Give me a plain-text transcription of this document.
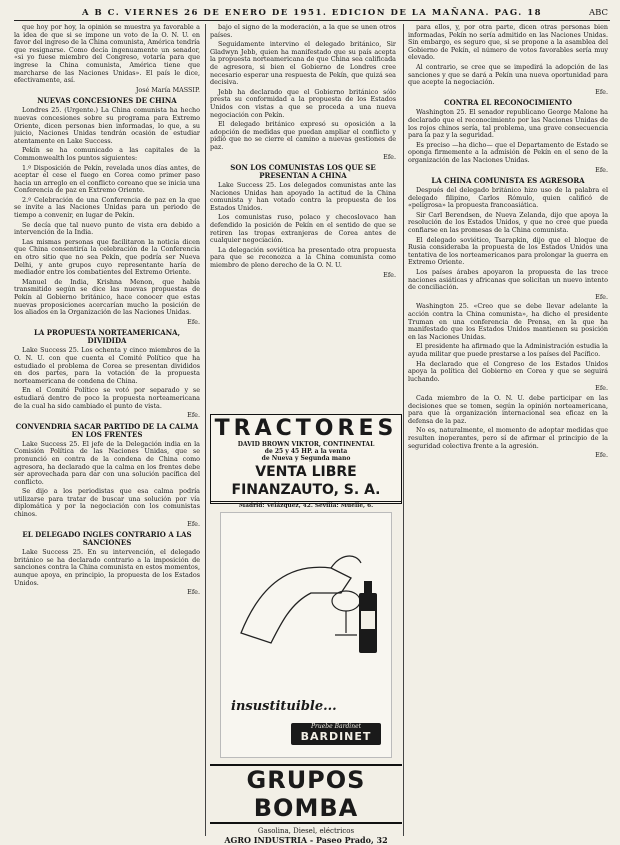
A B C. VIERNES 26 DE ENERO DE 1951. EDICION DE LA MAÑANA. PAG. 18	ABC

que hoy por hoy, la opinión se muestra ya favorable a la idea de que si se impone un voto de la O. N. U. en favor del ingreso de la China comunista, América tendría que resignarse. Como decía ingenuamente un senador, «si yo fuese miembro del Congreso, votaría para que ingrese la China comunista, América tiene que marcharse de las Naciones Unidas». El país le dice, efectivamente, así.

José María MASSIP.

NUEVAS CONCESIONES DE CHINA

Londres 25. (Urgente.) La China comunista ha hecho nuevas concesiones sobre su programa para Extremo Oriente, dicen personas bien informadas, lo que, a su juicio, Naciones Unidas tendrán ocasión de estudiar atentamente en Lake Success.

Pekín se ha comunicado a las capitales de la Commonwealth los puntos siguientes:

1.º Disposición de Pekín, revelada unos días antes, de aceptar el cese el fuego en Corea como primer paso hacia un arreglo en el conflicto coreano que se inicia una Conferencia de paz en Extremo Oriente.

2.º Celebración de una Conferencia de paz en la que se invite a las Naciones Unidas para un periodo de tiempo a convenir, en lugar de Pekín.

Se decía que tal nuevo punto de vista era debido a intervención de la India.

Las mismas personas que facilitaron la noticia dicen que China consentiría la celebración de la Conferencia en otro sitio que no sea Pekín, que podría ser Nueva Delhi, y ante grupos cuyo representante haría de mediador entre los combatientes del Extremo Oriente.

Manuel de India, Krishna Menon, que había transmitido según se dice las nuevas propuestas de Pekín al Gobierno británico, hace conocer que estas nuevas proposiciones acercarían mucho la posición de los aliados en la Organización de las Naciones Unidas.

Efe.

LA PROPUESTA NORTEAMERICANA, DIVIDIDA

Lake Success 25. Los ochenta y cinco miembros de la O. N. U. con que cuenta el Comité Político que ha estudiado el problema de Corea se presentan divididos en dos partes, para la votación de la propuesta norteamericana de condena de China.

En el Comité Político se votó por separado y se estudiará dentro de poco la propuesta norteamericana de la cual ha sido cambiado el punto de vista.

Efe.

CONVENDRIA SACAR PARTIDO DE LA CALMA EN LOS FRENTES

Lake Success 25. El jefe de la Delegación india en la Comisión Política de las Naciones Unidas, que se pronunció en contra de la condena de China como agresora, ha declarado que la calma en los frentes debe ser aprovechada para dar con una solución pacífica del conflicto.

Se dijo a los periodistas que esa calma podría utilizarse para tratar de buscar una solución por vía diplomática y por la negociación con los comunistas chinos.

Efe.

EL DELEGADO INGLES CONTRARIO A LAS SANCIONES

Lake Success 25. En su intervención, el delegado británico se ha declarado contrario a la imposición de sanciones contra la China comunista en estos momentos, aunque apoya, en principio, la propuesta de los Estados Unidos.

Efe.

bajo el signo de la moderación, a la que se unen otros países.

Seguidamente intervino el delegado británico, Sir Gladwyn Jebb, quien ha manifestado que su país acepta la propuesta norteamericana de que China sea calificada de agresora, si bien el Gobierno de Londres cree necesario esperar una respuesta de Pekín, que quizá sea decisiva.

Jebb ha declarado que el Gobierno británico sólo presta su conformidad a la propuesta de los Estados Unidos con vistas a que se proceda a una nueva negociación con Pekín.

El delegado británico expresó su oposición a la adopción de medidas que puedan ampliar el conflicto y pidió que no se cierre el camino a nuevas gestiones de paz.

Efe.

SON LOS COMUNISTAS LOS QUE SE PRESENTAN A CHINA

Lake Success 25. Los delegados comunistas ante las Naciones Unidas han apoyado la actitud de la China comunista y han votado contra la propuesta de los Estados Unidos.

Los comunistas ruso, polaco y checoslovaco han defendido la posición de Pekín en el sentido de que se retiren las tropas extranjeras de Corea antes de cualquier negociación.

La delegación soviética ha presentado otra propuesta para que se reconozca a la China comunista como miembro de pleno derecho de la O. N. U.

Efe.

TRACTORES
DAVID BROWN VIKTOR, CONTINENTAL
de 25 y 45 HP. a la venta
de Nueva y Segunda mano
VENTA LIBRE
FINANZAUTO, S. A.
Madrid: Velázquez, 42. Sevilla: Muelle, 6.
insustituible...
Pruebe Bardinet
BARDINET
GRUPOS BOMBA
Gasolina, Diesel, eléctricos
AGRO INDUSTRIA - Paseo Prado, 32

para ellos, y, por otra parte, dicen otras personas bien informadas, Pekín no sería admitido en las Naciones Unidas. Sin embargo, es seguro que, si se propone a la asamblea del Gobierno de Pekín, el número de votos favorables sería muy elevado.

Al contrario, se cree que se impedirá la adopción de las sanciones y que se dará a Pekín una nueva oportunidad para que acepte la negociación.

Efe.

CONTRA EL RECONOCIMIENTO

Washington 25. El senador republicano George Malone ha declarado que el reconocimiento por las Naciones Unidas de los rojos chinos sería, tal problema, una grave consecuencia para la paz y la seguridad.

Es preciso —ha dicho— que el Departamento de Estado se oponga firmemente a la admisión de Pekín en el seno de la organización de las Naciones Unidas.

Efe.

LA CHINA COMUNISTA ES AGRESORA

Después del delegado británico hizo uso de la palabra el delegado filipino, Carlos Rómulo, quien calificó de «peligrosa» la propuesta francoasiática.

Sir Carl Berendsen, de Nueva Zelanda, dijo que apoya la resolución de los Estados Unidos, y que no cree que pueda confiarse en las promesas de la China comunista.

El delegado soviético, Tsarapkin, dijo que el bloque de Rusia consideraba la propuesta de los Estados Unidos una tentativa de los norteamericanos para prolongar la guerra en Extremo Oriente.

Los países árabes apoyaron la propuesta de las trece naciones asiáticas y africanas que solicitan un nuevo intento de conciliación.

Efe.

Washington 25. «Creo que se debe llevar adelante la acción contra la China comunista», ha dicho el presidente Truman en una conferencia de Prensa, en la que ha manifestado que los Estados Unidos mantienen su posición en las Naciones Unidas.

El presidente ha afirmado que la Administración estudia la ayuda militar que puede prestarse a los países del Pacífico.

Ha declarado que el Congreso de los Estados Unidos apoya la política del Gobierno en Corea y que se seguirá luchando.

Efe.

Cada miembro de la O. N. U. debe participar en las decisiones que se tomen, según la opinión norteamericana, para que la organización internacional sea eficaz en la defensa de la paz.

No es, naturalmente, el momento de adoptar medidas que resulten inoperantes, pero sí de afirmar el principio de la seguridad colectiva frente a la agresión.

Efe.
